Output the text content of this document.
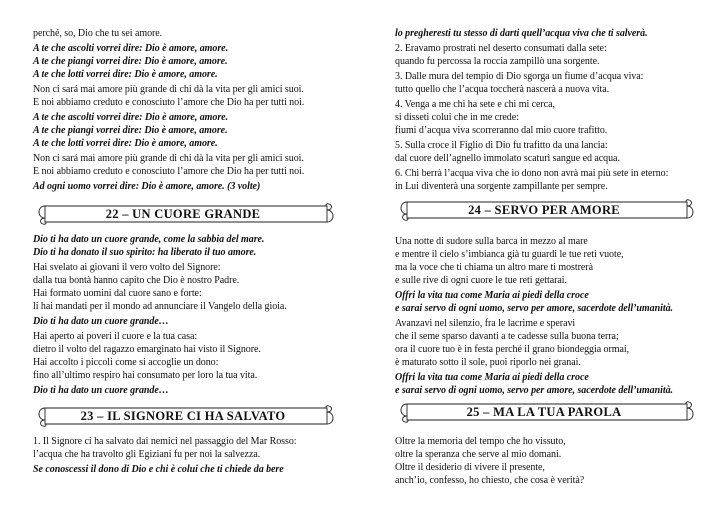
perché, so, Dio che tu sei amore.
A te che ascolti vorrei dire: Dio è amore, amore.
A te che piangi vorrei dire: Dio è amore, amore.
A te che lotti vorrei dire: Dio è amore, amore.
Non ci sará mai amore più grande di chi dà la vita per gli amici suoi.
E noi abbiamo creduto e conosciuto l’amore che Dio ha per tutti noi.
A te che ascolti vorrei dire: Dio è amore, amore.
A te che piangi vorrei dire: Dio è amore, amore.
A te che lotti vorrei dire: Dio è amore, amore.
Non ci sará mai amore più grande di chi dà la vita per gli amici suoi.
E noi abbiamo creduto e conosciuto l’amore che Dio ha per tutti noi.
Ad ogni uomo vorrei dire: Dio è amore, amore. (3 volte)
22 – UN CUORE GRANDE
Dio ti ha dato un cuore grande, come la sabbia del mare.
Dio ti ha donato il suo spirito: ha liberato il tuo amore.
Hai svelato ai giovani il vero volto del Signore:
dalla tua bontà hanno capito che Dio è nostro Padre.
Hai formato uomini dal cuore sano e forte:
li hai mandati per il mondo ad annunciare il Vangelo della gioia.
Dio ti ha dato un cuore grande…
Hai aperto ai poveri il cuore e la tua casa:
dietro il volto del ragazzo emarginato hai visto il Signore.
Hai accolto i piccoli come si accoglie un dono:
fino all’ultimo respiro hai consumato per loro la tua vita.
Dio ti ha dato un cuore grande…
23 – IL SIGNORE CI HA SALVATO
1. Il Signore ci ha salvato dai nemici nel passaggio del Mar Rosso:
l’acqua che ha travolto gli Egiziani fu per noi la salvezza.
Se conoscessi il dono di Dio e chi è colui che ti chiede da bere
lo pregheresti tu stesso di darti quell’acqua viva che ti salverà.
2. Eravamo prostrati nel deserto consumati dalla sete:
quando fu percossa la roccia zampillò una sorgente.
3. Dalle mura del tempio di Dio sgorga un fiume d’acqua viva:
tutto quello che l’acqua toccherà nascerà a nuova vita.
4. Venga a me chi ha sete e chi mi cerca,
si disseti colui che in me crede:
fiumi d’acqua viva scorreranno dal mio cuore trafitto.
5. Sulla croce il Figlio di Dio fu trafitto da una lancia:
dal cuore dell’agnello immolato scaturì sangue ed acqua.
6. Chi berrà l’acqua viva che io dono non avrà mai più sete in eterno:
in Lui diventerà una sorgente zampillante per sempre.
24 – SERVO PER AMORE
Una notte di sudore sulla barca in mezzo al mare
e mentre il cielo s’imbianca già tu guardi le tue reti vuote,
ma la voce che ti chiama un altro mare ti mostrerà
e sulle rive di ogni cuore le tue reti gettarai.
Offri la vita tua come Maria ai piedi della croce
e sarai servo di ogni uomo, servo per amore, sacerdote dell’umanità.
Avanzavi nel silenzio, fra le lacrime e speravi
che il seme sparso davanti a te cadesse sulla buona terra;
ora il cuore tuo è in festa perché il grano biondeggia ormai,
è maturato sotto il sole, puoi riporlo nei granai.
Offri la vita tua come Maria ai piedi della croce
e sarai servo di ogni uomo, servo per amore, sacerdote dell’umanità.
25 – MA LA TUA PAROLA
Oltre la memoria del tempo che ho vissuto,
oltre la speranza che serve al mio domani.
Oltre il desiderio di vivere il presente,
anch’io, confesso, ho chiesto, che cosa è verità?
